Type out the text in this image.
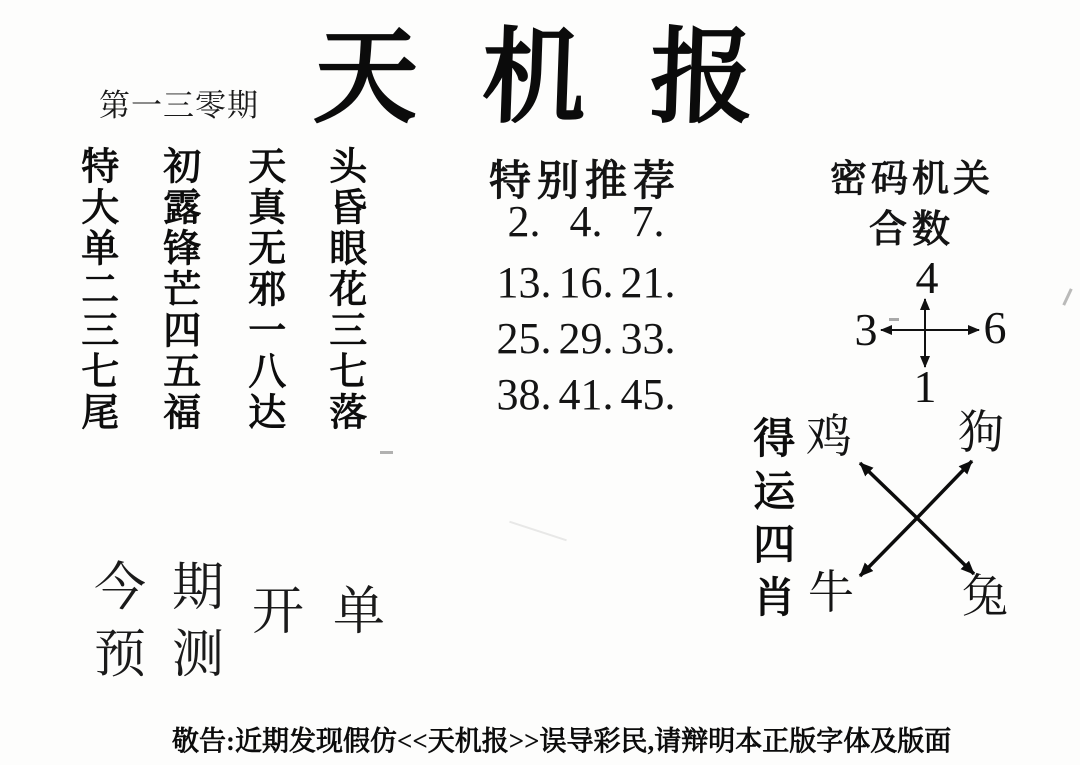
第一三零期 天机报
特大单二三七尾 初露锋芒四五福 天真无邪一八达 头昏眼花三七落	特别推荐
2. 4. 7.
13. 16. 21.
25. 29. 33.
38. 41. 45.
密码机关
合数
4
3 6
1
得运四肖 鸡 狗
牛 兔
今期
预测
开单
敬告:近期发现假仿<<天机报>>误导彩民,请辩明本正版字体及版面
